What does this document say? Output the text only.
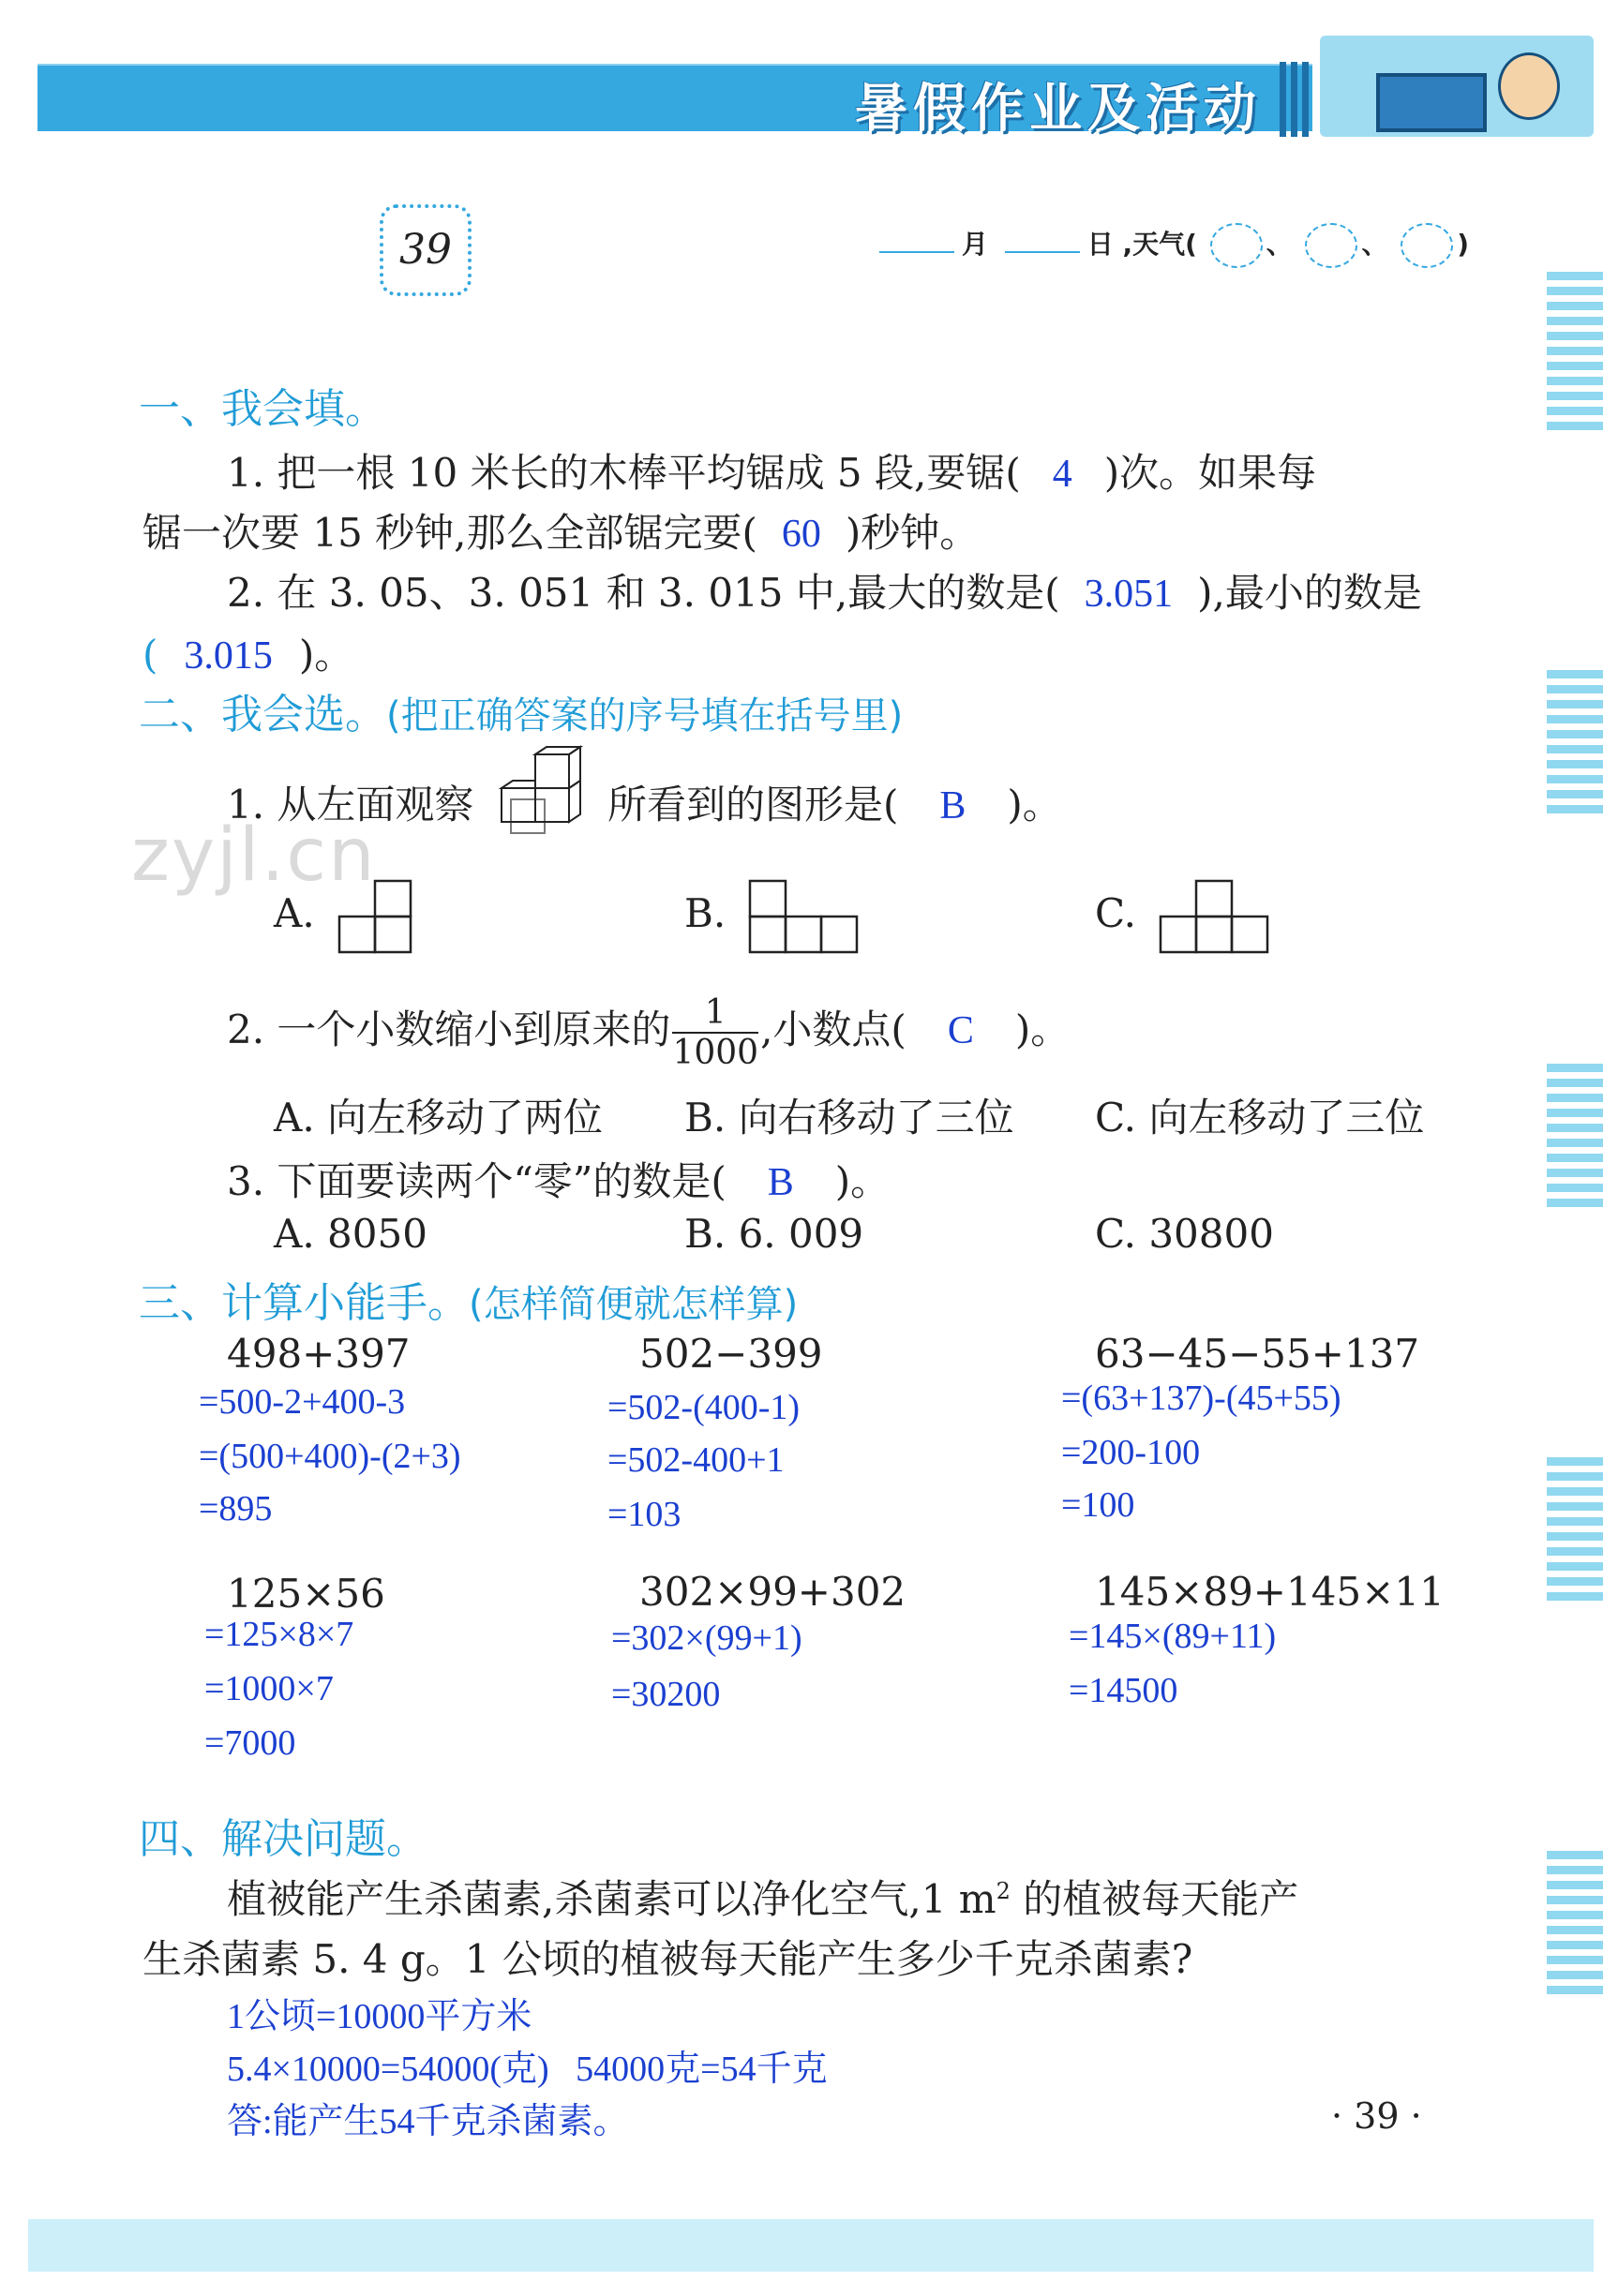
暑假作业及活动
39	月	日 ,天气(	、	、	)
zyjl.cn
一、我会填。
1. 把一根 10 米长的木棒平均锯成 5 段,要锯( 4 )次。如果每
锯一次要 15 秒钟,那么全部锯完要( 60 )秒钟。
2. 在 3. 05、3. 051 和 3. 015 中,最大的数是( 3.051 ),最小的数是
( 3.015 )。
二、我会选。(把正确答案的序号填在括号里)
1. 从左面观察	所看到的图形是( B )。
A.	B.	C.
2. 一个小数缩小到原来的 $\frac{1}{1000}$ ,小数点( C )。
A. 向左移动了两位 B. 向右移动了三位 C. 向左移动了三位
3. 下面要读两个“零”的数是( B )。
A. 8050	B. 6. 009	C. 30800
三、计算小能手。(怎样简便就怎样算)
498+397
=500-2+400-3
=(500+400)-(2+3)
=895
502−399
=502-(400-1)
=502-400+1
=103
63−45−55+137
=(63+137)-(45+55)
=200-100
=100
125×56
=125×8×7
=1000×7
=7000
302×99+302
=302×(99+1)
=30200
145×89+145×11
=145×(89+11)
=14500
四、解决问题。
植被能产生杀菌素,杀菌素可以净化空气,1 $m^2$ 的植被每天能产
生杀菌素 5. 4 g。1 公顷的植被每天能产生多少千克杀菌素?
1公顷=10000平方米
5.4×10000=54000(克)   54000克=54千克
答:能产生54千克杀菌素。	· 39 ·
